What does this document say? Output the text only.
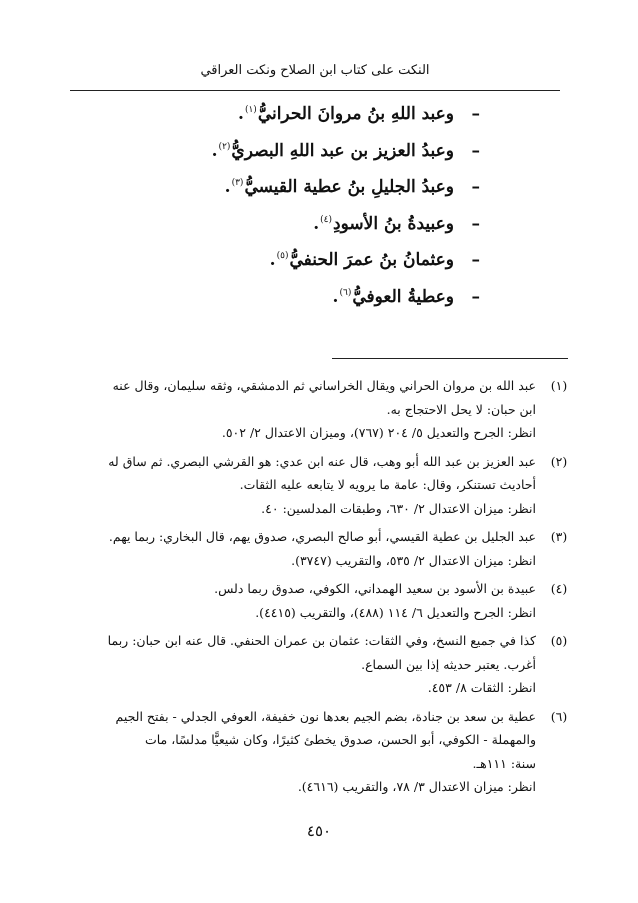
النكت على كتاب ابن الصلاح ونكت العراقي
–
وعبد اللهِ بنُ مروانَ الحرانيُّ$^{(١)}$.
–
وعبدُ العزيز بن عبد اللهِ البصريُّ$^{(٢)}$.
–
وعبدُ الجليلِ بنُ عطية القيسيُّ$^{(٣)}$.
–
وعبيدةُ بنُ الأسودِ$^{(٤)}$.
–
وعثمانُ بنُ عمرَ الحنفيُّ$^{(٥)}$.
–
وعطيةُ العوفيُّ$^{(٦)}$.
(١)
عبد الله بن مروان الحراني ويقال الخراساني ثم الدمشقي، وثقه سليمان، وقال عنه
ابن حبان: لا يحل الاحتجاج به.
انظر: الجرح والتعديل ٥/ ٢٠٤ (٧٦٧)، وميزان الاعتدال ٢/ ٥٠٢.
(٢)
عبد العزيز بن عبد الله أبو وهب، قال عنه ابن عدي: هو القرشي البصري. ثم ساق له
أحاديث تستنكر، وقال: عامة ما يرويه لا يتابعه عليه الثقات.
انظر: ميزان الاعتدال ٢/ ٦٣٠، وطبقات المدلسين: ٤٠.
(٣)
عبد الجليل بن عطية القيسي، أبو صالح البصري، صدوق يهم، قال البخاري: ربما يهم.
انظر: ميزان الاعتدال ٢/ ٥٣٥، والتقريب (٣٧٤٧).
(٤)
عبيدة بن الأسود بن سعيد الهمداني، الكوفي، صدوق ربما دلس.
انظر: الجرح والتعديل ٦/ ١١٤ (٤٨٨)، والتقريب (٤٤١٥).
(٥)
كذا في جميع النسخ، وفي الثقات: عثمان بن عمران الحنفي. قال عنه ابن حبان: ربما
أغرب. يعتبر حديثه إذا بين السماع.
انظر: الثقات ٨/ ٤٥٣.
(٦)
عطية بن سعد بن جنادة، بضم الجيم بعدها نون خفيفة، العوفي الجدلي - بفتح الجيم
والمهملة - الكوفي، أبو الحسن، صدوق يخطئ كثيرًا، وكان شيعيًّا مدلسًا، مات
سنة: ١١١هـ.
انظر: ميزان الاعتدال ٣/ ٧٨، والتقريب (٤٦١٦).
٤٥٠
